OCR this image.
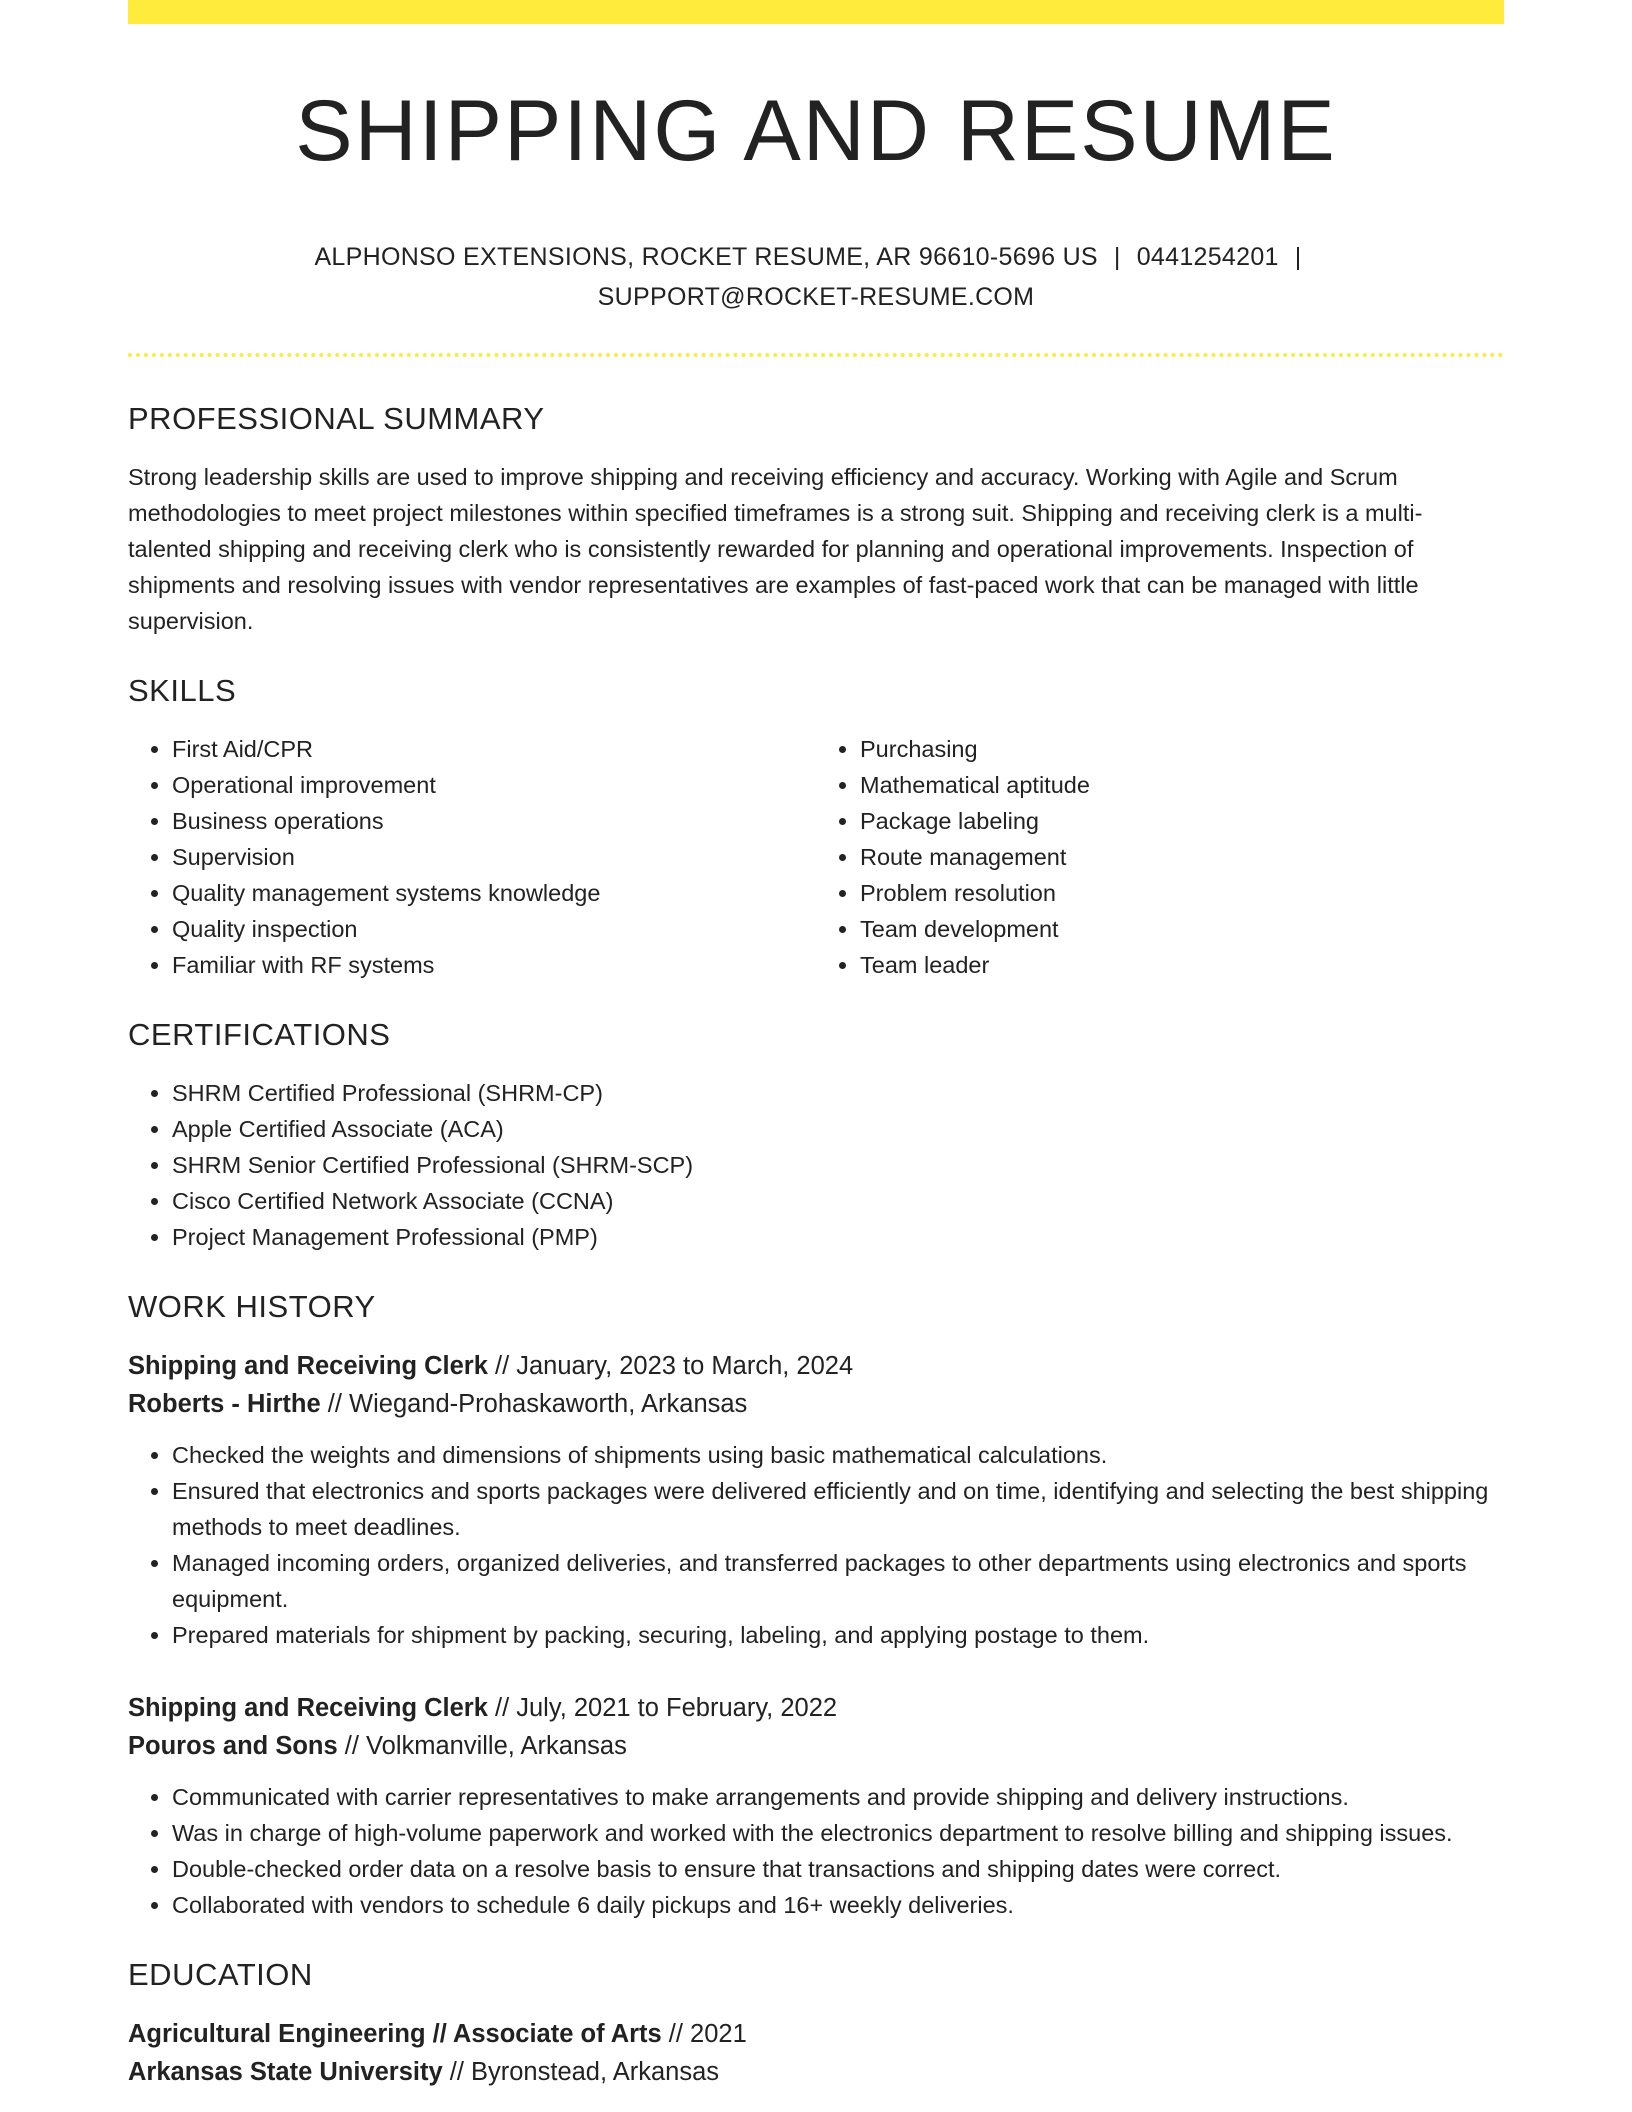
SHIPPING AND RESUME
ALPHONSO EXTENSIONS, ROCKET RESUME, AR 96610-5696 US | 0441254201 |
SUPPORT@ROCKET-RESUME.COM
PROFESSIONAL SUMMARY

Strong leadership skills are used to improve shipping and receiving efficiency and accuracy. Working with Agile and Scrum methodologies to meet project milestones within specified timeframes is a strong suit. Shipping and receiving clerk is a multi-talented shipping and receiving clerk who is consistently rewarded for planning and operational improvements. Inspection of shipments and resolving issues with vendor representatives are examples of fast-paced work that can be managed with little supervision.

SKILLS
• First Aid/CPR
• Operational improvement
• Business operations
• Supervision
• Quality management systems knowledge
• Quality inspection
• Familiar with RF systems
• Purchasing
• Mathematical aptitude
• Package labeling
• Route management
• Problem resolution
• Team development
• Team leader
CERTIFICATIONS
• SHRM Certified Professional (SHRM-CP)
• Apple Certified Associate (ACA)
• SHRM Senior Certified Professional (SHRM-SCP)
• Cisco Certified Network Associate (CCNA)
• Project Management Professional (PMP)
WORK HISTORY
Shipping and Receiving Clerk // January, 2023 to March, 2024
Roberts - Hirthe // Wiegand-Prohaskaworth, Arkansas
• Checked the weights and dimensions of shipments using basic mathematical calculations.
• Ensured that electronics and sports packages were delivered efficiently and on time, identifying and selecting the best shipping methods to meet deadlines.
• Managed incoming orders, organized deliveries, and transferred packages to other departments using electronics and sports equipment.
• Prepared materials for shipment by packing, securing, labeling, and applying postage to them.
Shipping and Receiving Clerk // July, 2021 to February, 2022
Pouros and Sons // Volkmanville, Arkansas
• Communicated with carrier representatives to make arrangements and provide shipping and delivery instructions.
• Was in charge of high-volume paperwork and worked with the electronics department to resolve billing and shipping issues.
• Double-checked order data on a resolve basis to ensure that transactions and shipping dates were correct.
• Collaborated with vendors to schedule 6 daily pickups and 16+ weekly deliveries.
EDUCATION
Agricultural Engineering // Associate of Arts // 2021
Arkansas State University // Byronstead, Arkansas
